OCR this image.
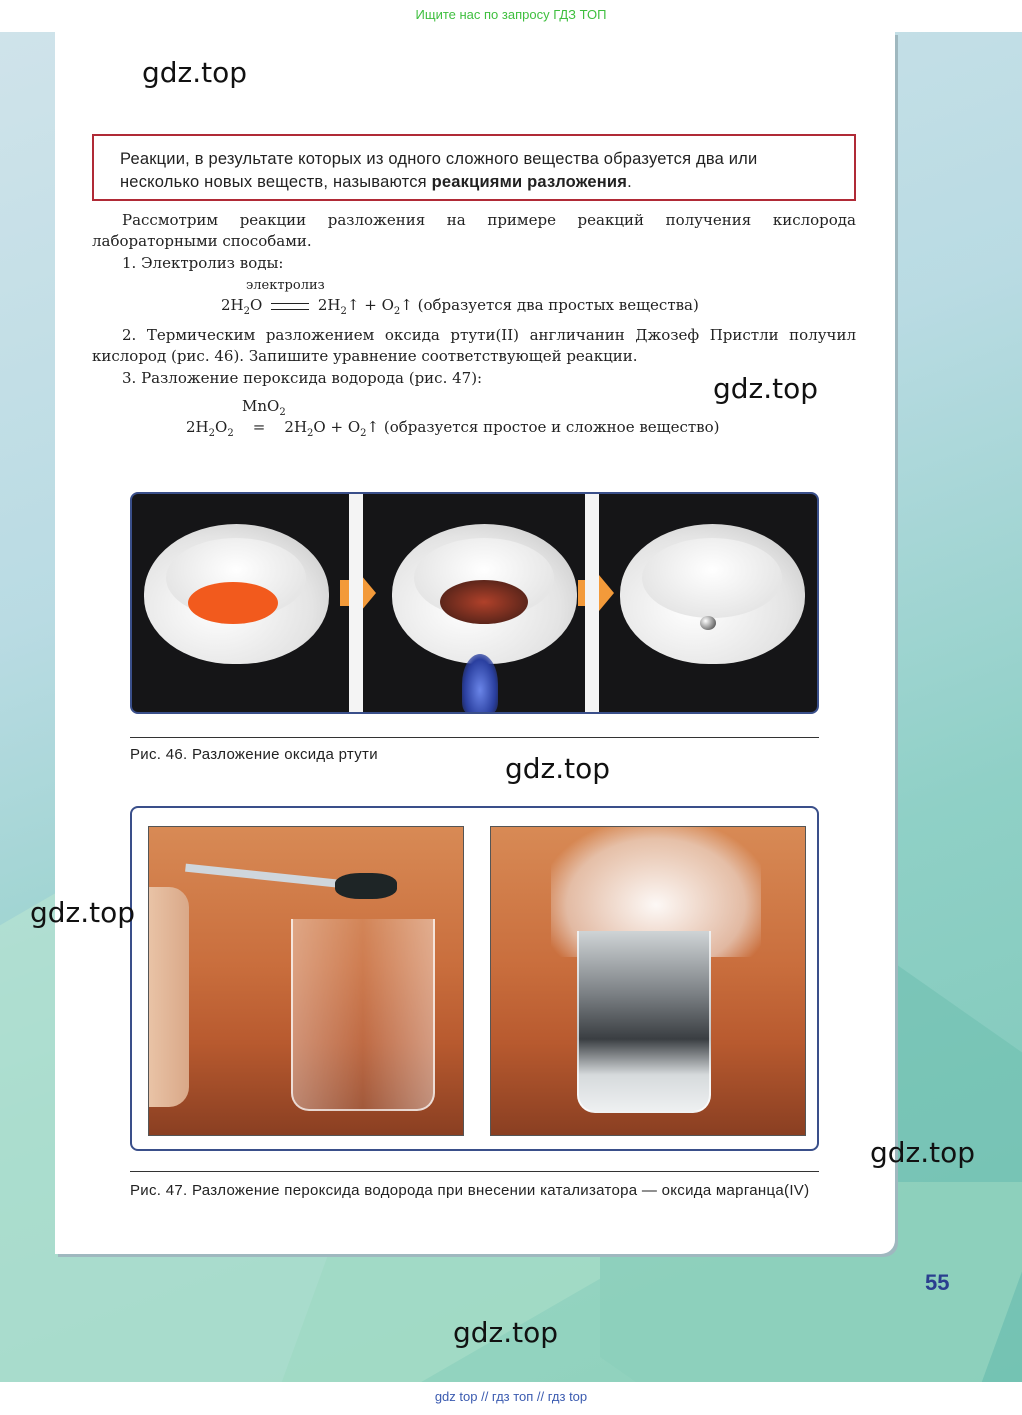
Ищите нас по запросу ГДЗ ТОП
gdz.top
Реакции, в результате которых из одного сложного вещества образуется два или несколько новых веществ, называются реакциями разложения.
Рассмотрим реакции разложения на примере реакций получения кислорода лабораторными способами.
1. Электролиз воды:
электролиз
$2H_2O$	$2H_2↑$ + $O_2↑$ (образуется два простых вещества)
2. Термическим разложением оксида ртути(II) англичанин Джозеф Пристли получил кислород (рис. 46). Запишите уравнение соответствующей реакции.
3. Разложение пероксида водорода (рис. 47):	gdz.top
MnO$_2$
$2H_2O_2 = 2H_2O$ + $O_2↑$ (образуется простое и сложное вещество)
Рис. 46. Разложение оксида ртути	gdz.top
gdz.top
gdz.top
Рис. 47. Разложение пероксида водорода при внесении катализатора — оксида марганца(IV)
55
gdz.top
gdz top // гдз топ // гдз top
